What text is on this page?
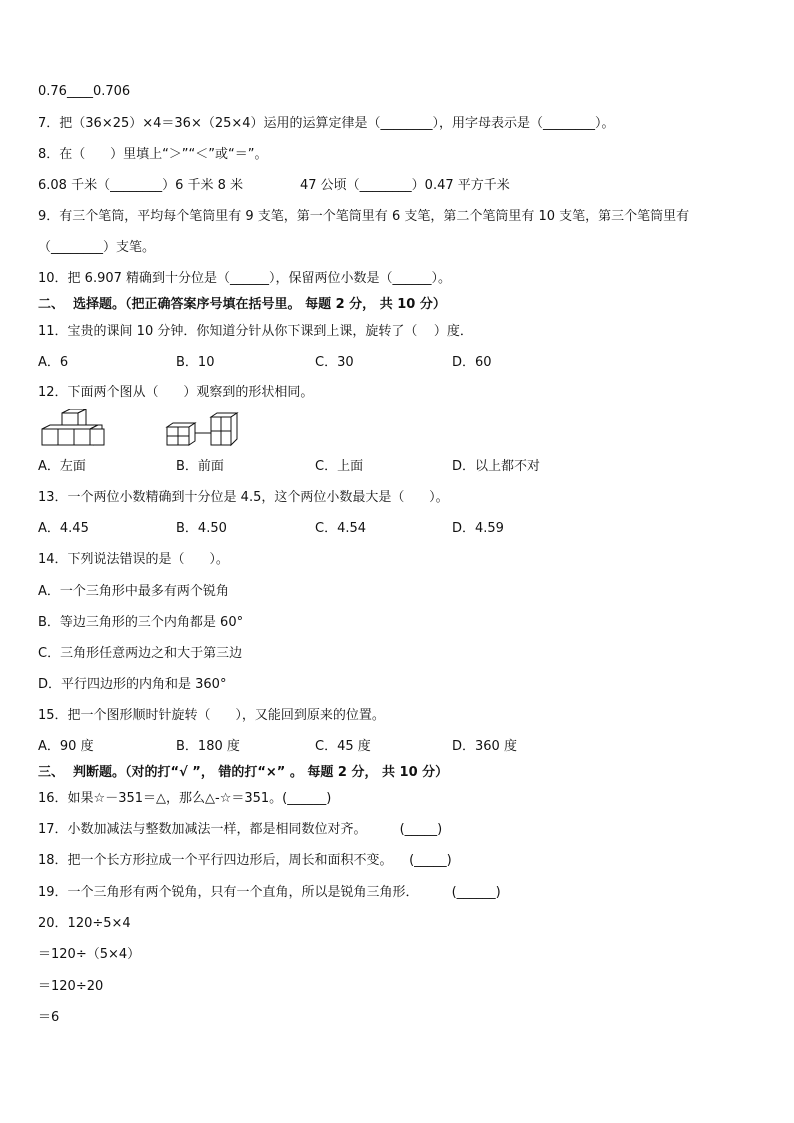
0.76____0.706
7．把（36×25）×4＝36×（25×4）运用的运算定律是（________），用字母表示是（________）。
8．在（      ）里填上“＞”“＜”或“＝”。
6.08 千米（________）6 千米 8 米	47 公顷（________）0.47 平方千米
9．有三个笔筒，平均每个笔筒里有 9 支笔，第一个笔筒里有 6 支笔，第二个笔筒里有 10 支笔，第三个笔筒里有
（________）支笔。
10．把 6.907 精确到十分位是（______），保留两位小数是（______）。
二、  选择题。（把正确答案序号填在括号里。 每题 2 分， 共 10 分）
11．宝贵的课间 10 分钟．你知道分针从你下课到上课，旋转了（    ）度．
A．6	B．10	C．30	D．60
12．下面两个图从（      ）观察到的形状相同。
A．左面	B．前面	C．上面	D．以上都不对
13．一个两位小数精确到十分位是 4.5，这个两位小数最大是（      ）。
A．4.45	B．4.50	C．4.54	D．4.59
14．下列说法错误的是（      ）。
A．一个三角形中最多有两个锐角
B．等边三角形的三个内角都是 60°
C．三角形任意两边之和大于第三边
D．平行四边形的内角和是 360°
15．把一个图形顺时针旋转（      ），又能回到原来的位置。
A．90 度	B．180 度	C．45 度	D．360 度
三、  判断题。（对的打“√ ”， 错的打“×” 。 每题 2 分， 共 10 分）
16．如果☆－351＝△，那么△-☆＝351。(______)
17．小数加减法与整数加减法一样，都是相同数位对齐。        (_____)
18．把一个长方形拉成一个平行四边形后，周长和面积不变。    (_____)
19．一个三角形有两个锐角，只有一个直角，所以是锐角三角形．        (______)
20．120÷5×4
＝120÷（5×4）
＝120÷20
＝6
